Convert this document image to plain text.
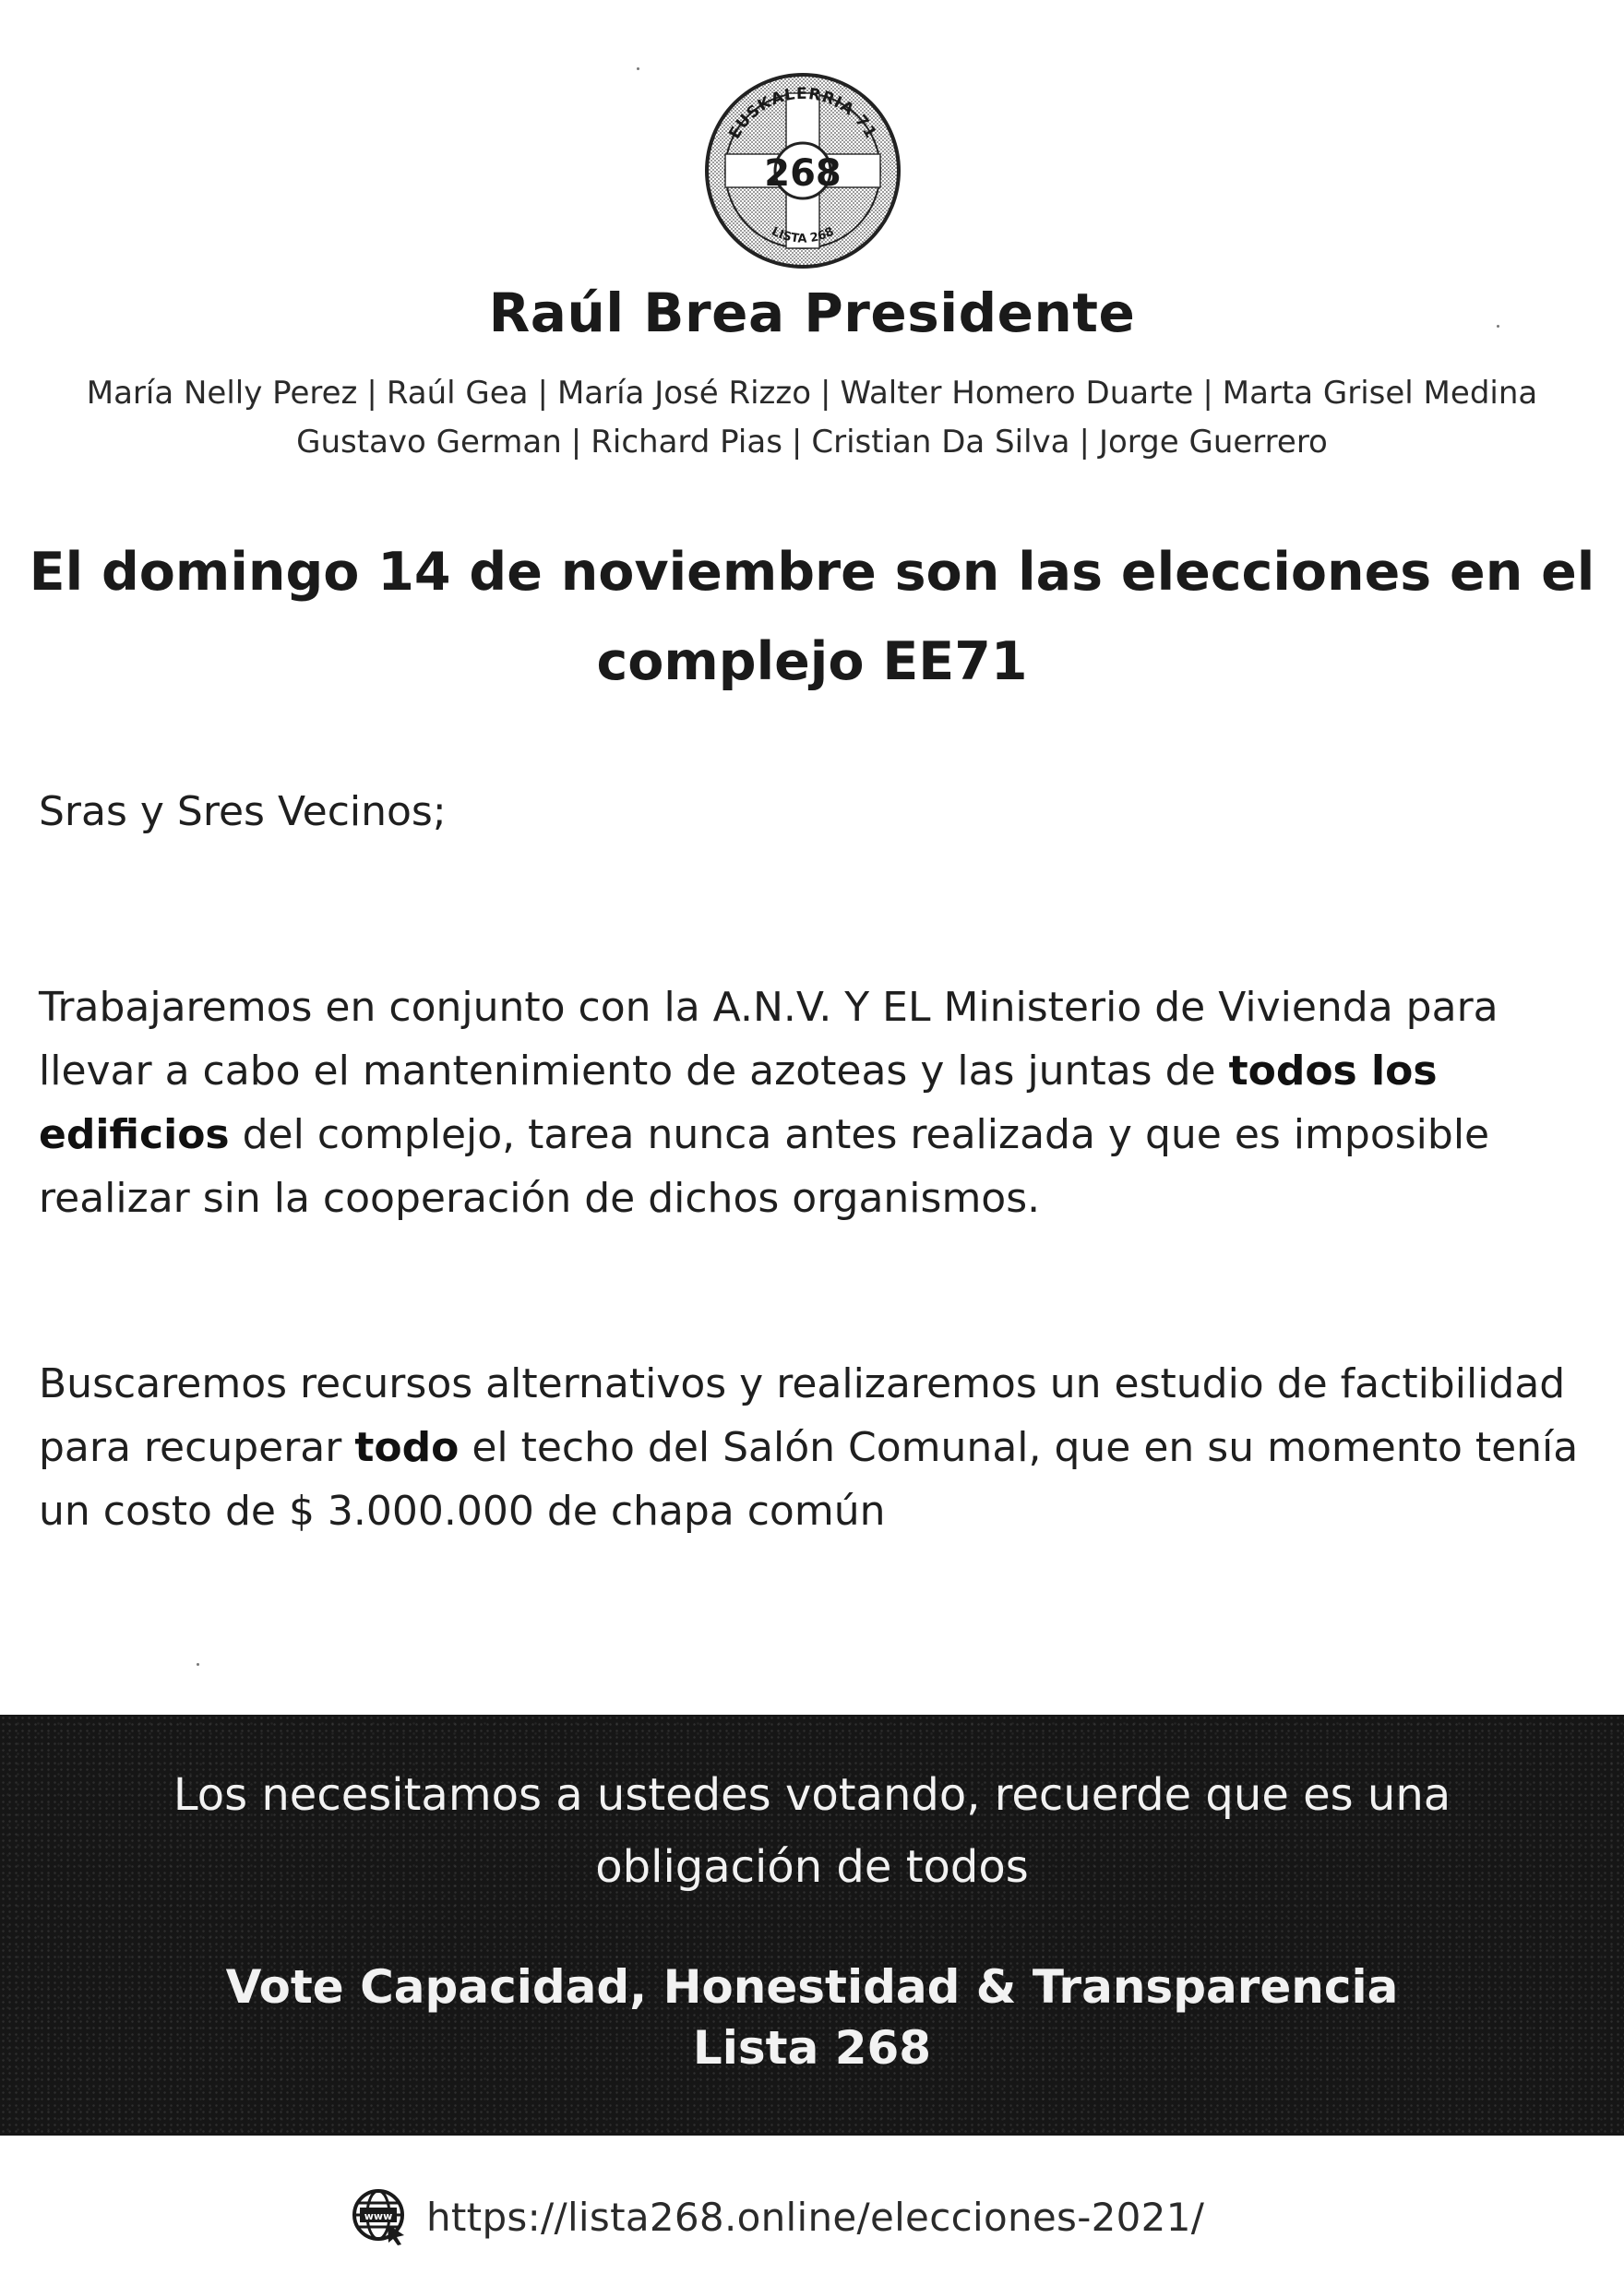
268
EUSKALERRIA 71
LISTA 268
Raúl Brea Presidente
María Nelly Perez | Raúl Gea | María José Rizzo | Walter Homero Duarte | Marta Grisel Medina
Gustavo German | Richard Pias | Cristian Da Silva | Jorge Guerrero
El domingo 14 de noviembre son las elecciones en el complejo EE71
Sras y Sres Vecinos;
Trabajaremos en conjunto con la A.N.V. Y EL Ministerio de Vivienda para llevar a cabo el mantenimiento de azoteas y las juntas de todos los edificios del complejo, tarea nunca antes realizada y que es imposible realizar sin la cooperación de dichos organismos.
Buscaremos recursos alternativos y realizaremos un estudio de factibilidad para recuperar todo el techo del Salón Comunal, que en su momento tenía un costo de $ 3.000.000 de chapa común
Los necesitamos a ustedes votando, recuerde que es una obligación de todos
Vote Capacidad, Honestidad & Transparencia
Lista 268
www https://lista268.online/elecciones-2021/
